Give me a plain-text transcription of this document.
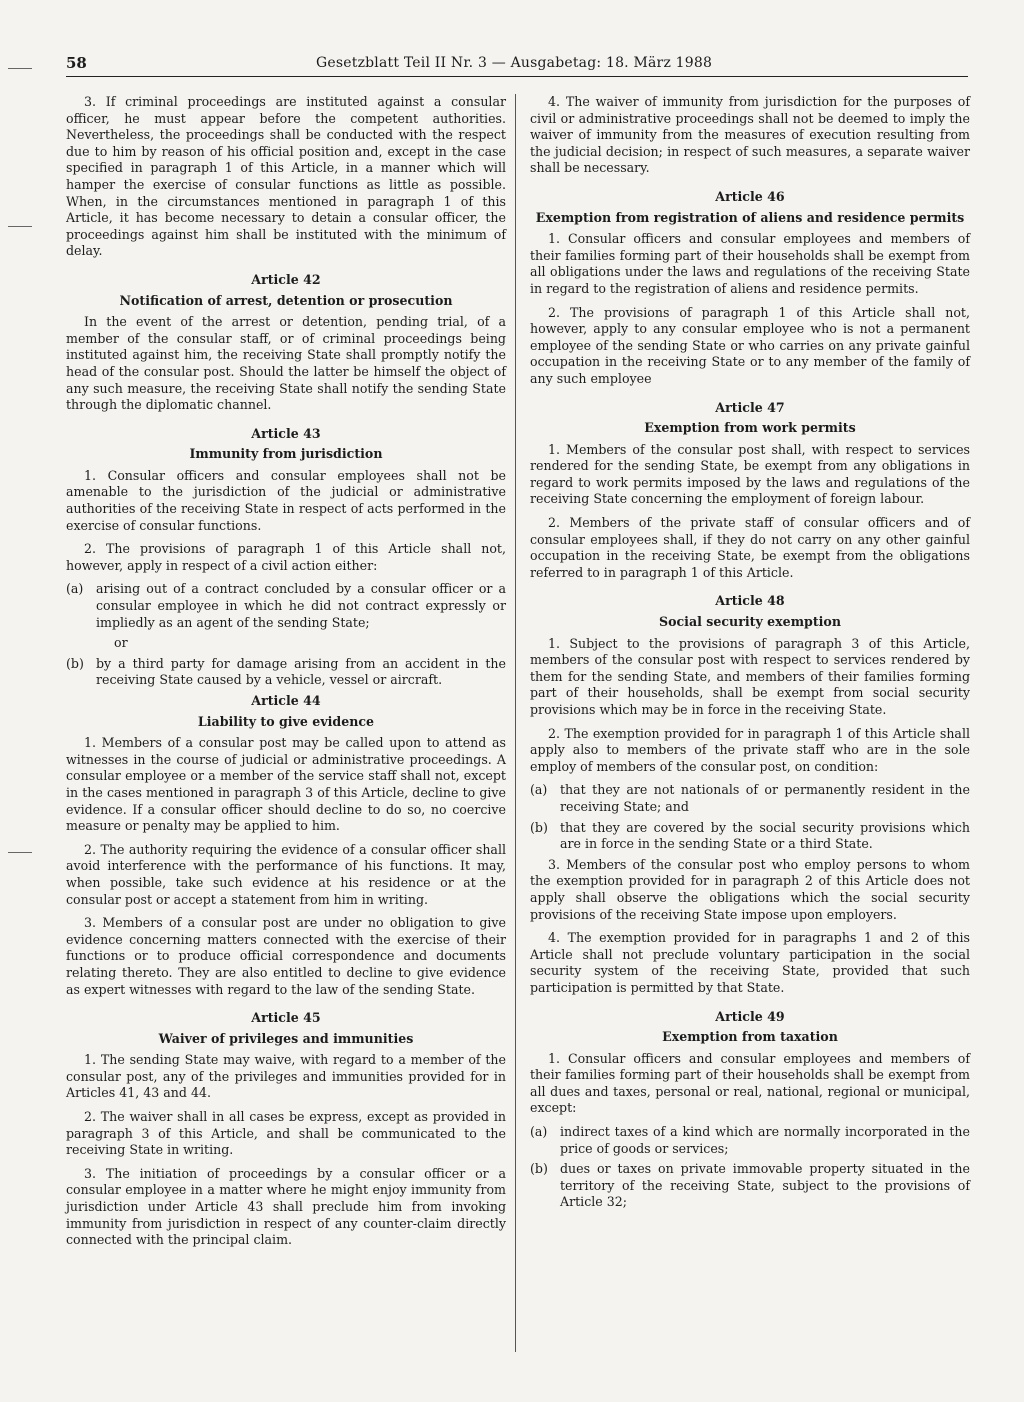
58	Gesetzblatt Teil II Nr. 3 — Ausgabetag: 18. März 1988

3. If criminal proceedings are instituted against a consular officer, he must appear before the competent authorities. Nevertheless, the proceedings shall be conducted with the respect due to him by reason of his official position and, except in the case specified in paragraph 1 of this Article, in a manner which will hamper the exercise of consular functions as little as possible. When, in the circumstances mentioned in paragraph 1 of this Article, it has become necessary to detain a consular officer, the proceedings against him shall be instituted with the minimum of delay.

Article 42
Notification of arrest, detention or prosecution

In the event of the arrest or detention, pending trial, of a member of the consular staff, or of criminal proceedings being instituted against him, the receiving State shall promptly notify the head of the consular post. Should the latter be himself the object of any such measure, the receiving State shall notify the sending State through the diplomatic channel.

Article 43
Immunity from jurisdiction

1. Consular officers and consular employees shall not be amenable to the jurisdiction of the judicial or administrative authorities of the receiving State in respect of acts performed in the exercise of consular functions.

2. The provisions of paragraph 1 of this Article shall not, however, apply in respect of a civil action either:

(a)	arising out of a contract concluded by a consular officer or a consular employee in which he did not contract expressly or impliedly as an agent of the sending State;
or
(b) by a third party for damage arising from an accident in the receiving State caused by a vehicle, vessel or aircraft.
Article 44
Liability to give evidence

1. Members of a consular post may be called upon to attend as witnesses in the course of judicial or administrative proceedings. A consular employee or a member of the service staff shall not, except in the cases mentioned in paragraph 3 of this Article, decline to give evidence. If a consular officer should decline to do so, no coercive measure or penalty may be applied to him.

2. The authority requiring the evidence of a consular officer shall avoid interference with the performance of his functions. It may, when possible, take such evidence at his residence or at the consular post or accept a statement from him in writing.

3. Members of a consular post are under no obligation to give evidence concerning matters connected with the exercise of their functions or to produce official correspondence and documents relating thereto. They are also entitled to decline to give evidence as expert witnesses with regard to the law of the sending State.

Article 45
Waiver of privileges and immunities

1. The sending State may waive, with regard to a member of the consular post, any of the privileges and immunities provided for in Articles 41, 43 and 44.

2. The waiver shall in all cases be express, except as provided in paragraph 3 of this Article, and shall be communicated to the receiving State in writing.

3. The initiation of proceedings by a consular officer or a consular employee in a matter where he might enjoy immunity from jurisdiction under Article 43 shall preclude him from invoking immunity from jurisdiction in respect of any counter-claim directly connected with the principal claim.

4. The waiver of immunity from jurisdiction for the purposes of civil or administrative proceedings shall not be deemed to imply the waiver of immunity from the measures of execution resulting from the judicial decision; in respect of such measures, a separate waiver shall be necessary.

Article 46
Exemption from registration of aliens and residence permits

1. Consular officers and consular employees and members of their families forming part of their households shall be exempt from all obligations under the laws and regulations of the receiving State in regard to the registration of aliens and residence permits.

2. The provisions of paragraph 1 of this Article shall not, however, apply to any consular employee who is not a permanent employee of the sending State or who carries on any private gainful occupation in the receiving State or to any member of the family of any such employee

Article 47
Exemption from work permits

1. Members of the consular post shall, with respect to services rendered for the sending State, be exempt from any obligations in regard to work permits imposed by the laws and regulations of the receiving State concerning the employment of foreign labour.

2. Members of the private staff of consular officers and of consular employees shall, if they do not carry on any other gainful occupation in the receiving State, be exempt from the obligations referred to in paragraph 1 of this Article.

Article 48
Social security exemption

1. Subject to the provisions of paragraph 3 of this Article, members of the consular post with respect to services rendered by them for the sending State, and members of their families forming part of their households, shall be exempt from social security provisions which may be in force in the receiving State.

2. The exemption provided for in paragraph 1 of this Article shall apply also to members of the private staff who are in the sole employ of members of the consular post, on condition:

(a)	that they are not nationals of or permanently resident in the receiving State; and
(b) that they are covered by the social security provisions which are in force in the sending State or a third State.

3. Members of the consular post who employ persons to whom the exemption provided for in paragraph 2 of this Article does not apply shall observe the obligations which the social security provisions of the receiving State impose upon employers.

4. The exemption provided for in paragraphs 1 and 2 of this Article shall not preclude voluntary participation in the social security system of the receiving State, provided that such participation is permitted by that State.

Article 49
Exemption from taxation

1. Consular officers and consular employees and members of their families forming part of their households shall be exempt from all dues and taxes, personal or real, national, regional or municipal, except:

(a)	indirect taxes of a kind which are normally incorporated in the price of goods or services;
(b) dues or taxes on private immovable property situated in the territory of the receiving State, subject to the provisions of Article 32;
